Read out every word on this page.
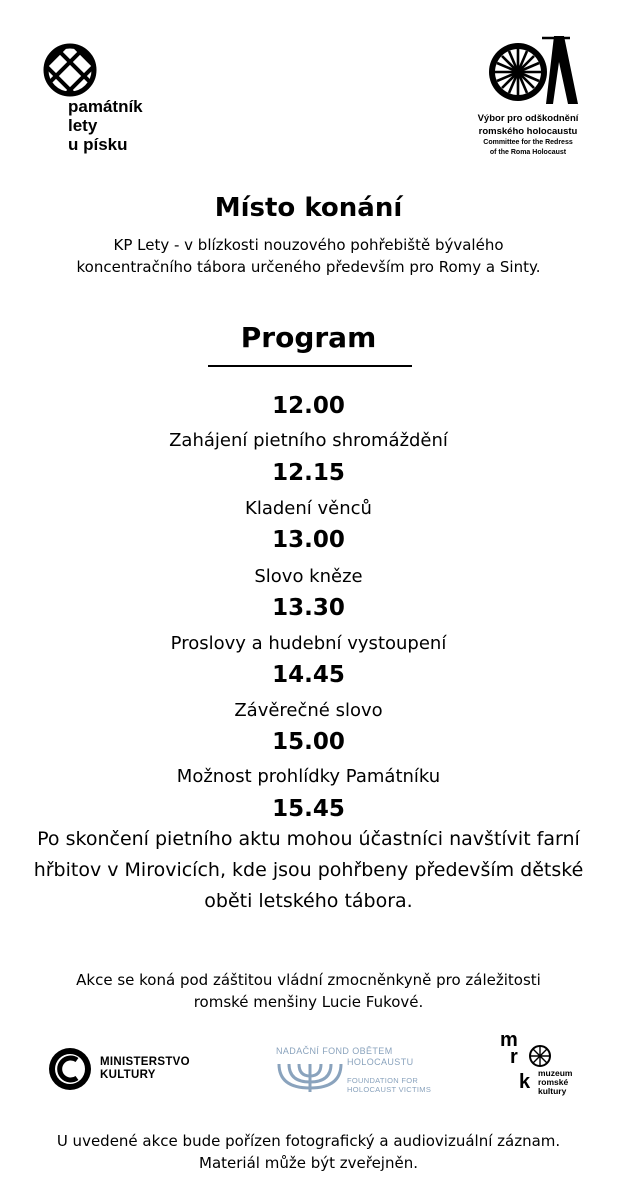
památník
lety
u písku
Výbor pro odškodnění
romského holocaustu
Committee for the Redress
of the Roma Holocaust
Místo konání
KP Lety - v blízkosti nouzového pohřebiště bývalého
koncentračního tábora určeného především pro Romy a Sinty.
Program
12.00
Zahájení pietního shromáždění
12.15
Kladení věnců
13.00
Slovo kněze
13.30
Proslovy a hudební vystoupení
14.45
Závěrečné slovo
15.00
Možnost prohlídky Památníku
15.45
Po skončení pietního aktu mohou účastníci navštívit farní
hřbitov v Mirovicích, kde jsou pohřbeny především dětské
oběti letského tábora.
Akce se koná pod záštitou vládní zmocněnkyně pro záležitosti
romské menšiny Lucie Fukové.
MINISTERSTVO
KULTURY
NADAČNÍ FOND OBĚTEM
HOLOCAUSTU
FOUNDATION FOR
HOLOCAUST VICTIMS
m
r
k muzeum
romské
kultury
U uvedené akce bude pořízen fotografický a audiovizuální záznam.
Materiál může být zveřejněn.
